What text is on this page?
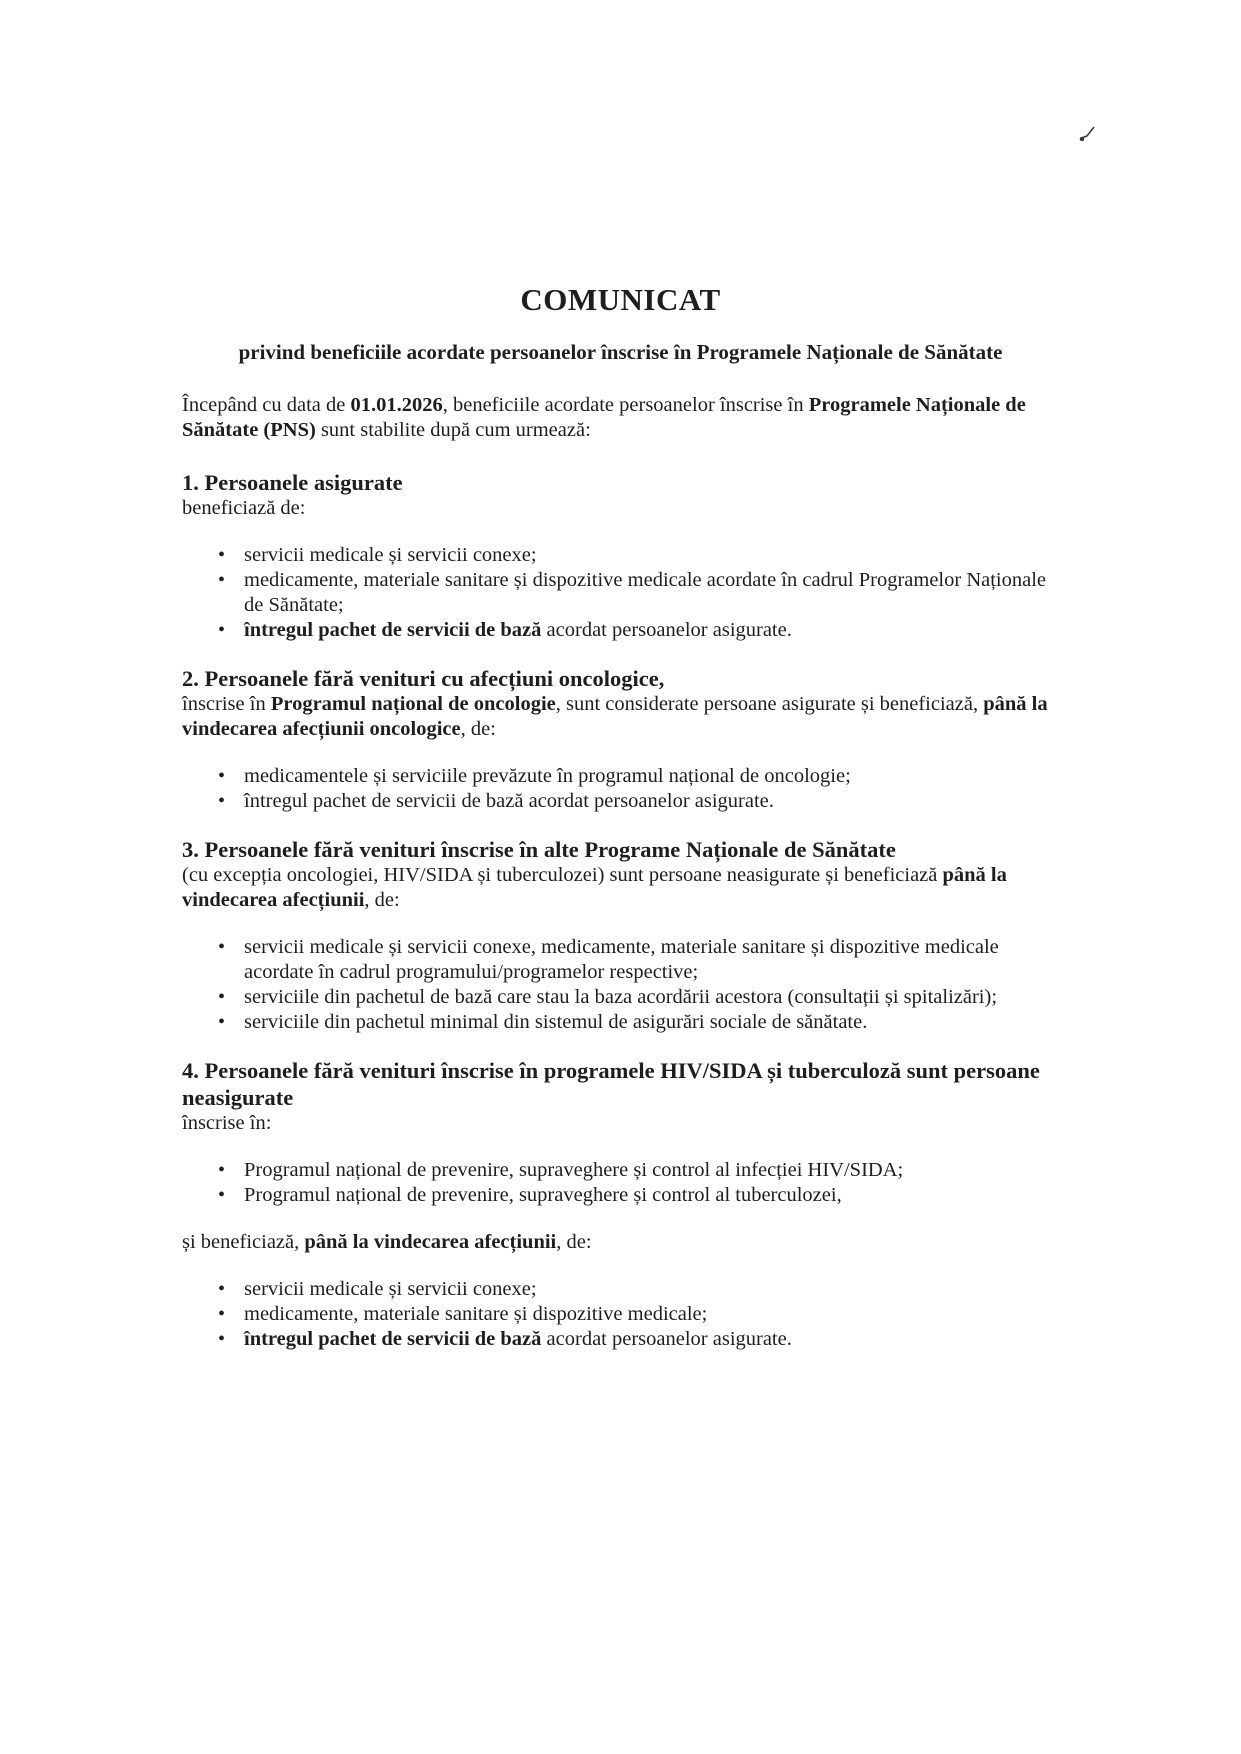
COMUNICAT
privind beneficiile acordate persoanelor înscrise în Programele Naționale de Sănătate

Începând cu data de 01.01.2026, beneficiile acordate persoanelor înscrise în Programele Naționale de Sănătate (PNS) sunt stabilite după cum urmează:

1. Persoanele asigurate
beneficiază de:

• servicii medicale și servicii conexe;
• medicamente, materiale sanitare și dispozitive medicale acordate în cadrul Programelor Naționale de Sănătate;
• întregul pachet de servicii de bază acordat persoanelor asigurate.

2. Persoanele fără venituri cu afecțiuni oncologice,
înscrise în Programul național de oncologie, sunt considerate persoane asigurate și beneficiază, până la vindecarea afecțiunii oncologice, de:

• medicamentele și serviciile prevăzute în programul național de oncologie;
• întregul pachet de servicii de bază acordat persoanelor asigurate.

3. Persoanele fără venituri înscrise în alte Programe Naționale de Sănătate
(cu excepția oncologiei, HIV/SIDA și tuberculozei) sunt persoane neasigurate și beneficiază până la vindecarea afecțiunii, de:

• servicii medicale și servicii conexe, medicamente, materiale sanitare și dispozitive medicale acordate în cadrul programului/programelor respective;
• serviciile din pachetul de bază care stau la baza acordării acestora (consultații și spitalizări);
• serviciile din pachetul minimal din sistemul de asigurări sociale de sănătate.

4. Persoanele fără venituri înscrise în programele HIV/SIDA și tuberculoză sunt persoane neasigurate
înscrise în:

• Programul național de prevenire, supraveghere și control al infecției HIV/SIDA;
• Programul național de prevenire, supraveghere și control al tuberculozei,

și beneficiază, până la vindecarea afecțiunii, de:

• servicii medicale și servicii conexe;
• medicamente, materiale sanitare și dispozitive medicale;
• întregul pachet de servicii de bază acordat persoanelor asigurate.
